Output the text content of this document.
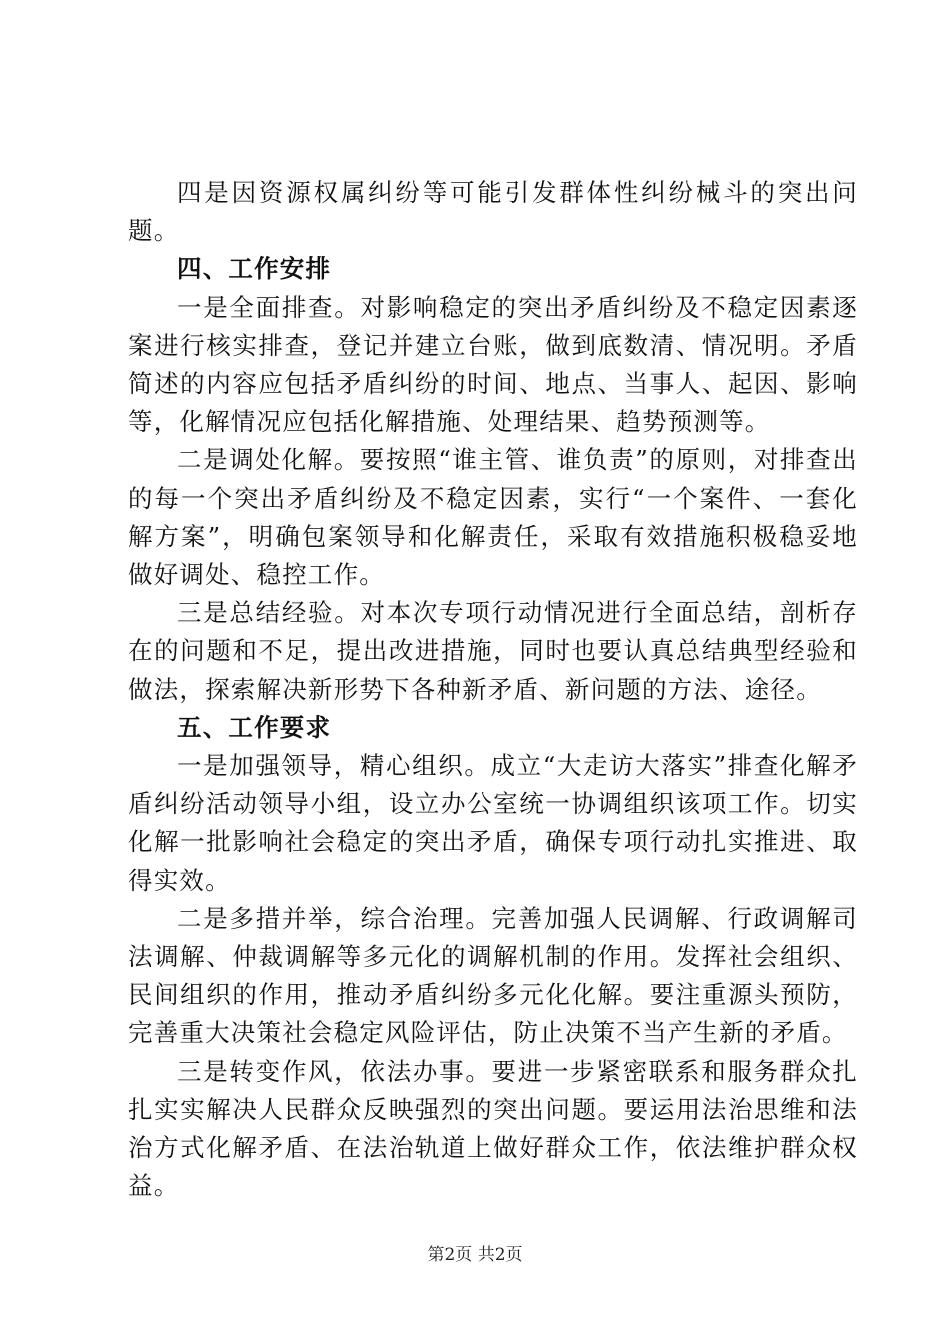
四是因资源权属纠纷等可能引发群体性纠纷械斗的突出问题。

四、工作安排

一是全面排查。对影响稳定的突出矛盾纠纷及不稳定因素逐案进行核实排查，登记并建立台账，做到底数清、情况明。矛盾简述的内容应包括矛盾纠纷的时间、地点、当事人、起因、影响等，化解情况应包括化解措施、处理结果、趋势预测等。

二是调处化解。要按照“谁主管、谁负责”的原则，对排查出的每一个突出矛盾纠纷及不稳定因素，实行“一个案件、一套化解方案”，明确包案领导和化解责任，采取有效措施积极稳妥地做好调处、稳控工作。

三是总结经验。对本次专项行动情况进行全面总结，剖析存在的问题和不足，提出改进措施，同时也要认真总结典型经验和做法，探索解决新形势下各种新矛盾、新问题的方法、途径。

五、工作要求

一是加强领导，精心组织。成立“大走访大落实”排查化解矛盾纠纷活动领导小组，设立办公室统一协调组织该项工作。切实化解一批影响社会稳定的突出矛盾，确保专项行动扎实推进、取得实效。

二是多措并举，综合治理。完善加强人民调解、行政调解司法调解、仲裁调解等多元化的调解机制的作用。发挥社会组织、民间组织的作用，推动矛盾纠纷多元化化解。要注重源头预防，完善重大决策社会稳定风险评估，防止决策不当产生新的矛盾。

三是转变作风，依法办事。要进一步紧密联系和服务群众扎扎实实解决人民群众反映强烈的突出问题。要运用法治思维和法治方式化解矛盾、在法治轨道上做好群众工作，依法维护群众权益。

第2页 共2页
